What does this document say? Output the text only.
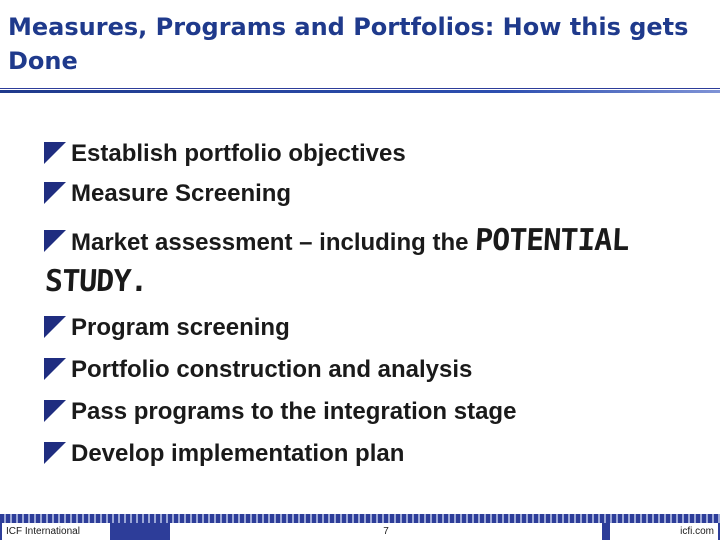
Measures, Programs and Portfolios: How this gets Done
Establish portfolio objectives
Measure Screening
Market assessment – including the POTENTIAL
STUDY.
Program screening
Portfolio construction and analysis
Pass programs to the integration stage
Develop implementation plan
ICF International	7	icfi.com
